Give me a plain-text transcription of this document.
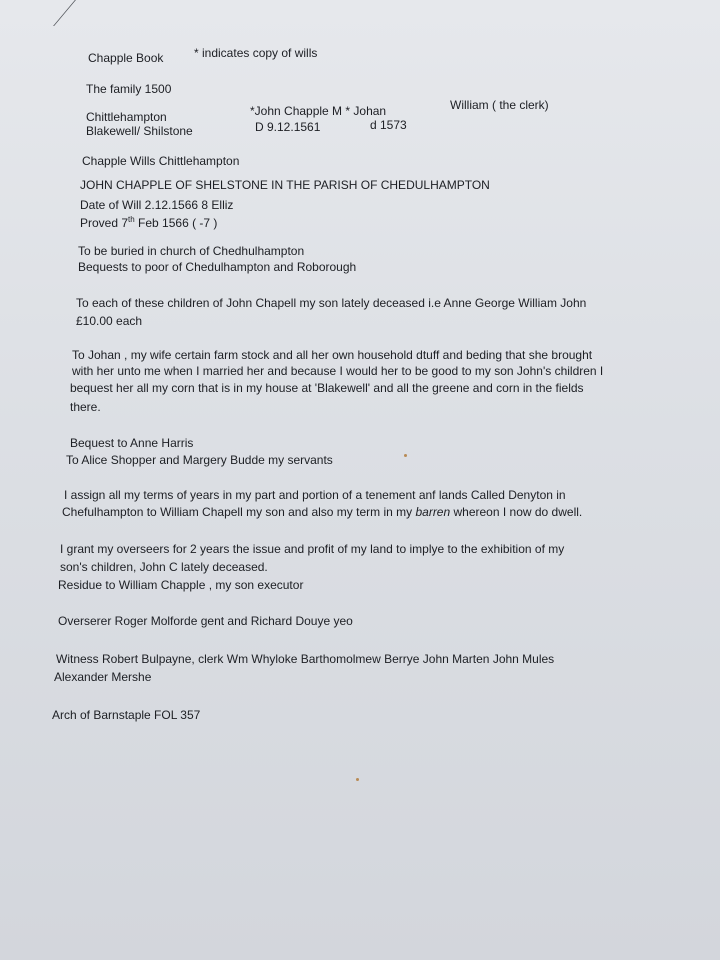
Chapple Book	* indicates copy of wills
The family 1500
Chittlehampton
Blakewell/ Shilstone
*John Chapple M * Johan
D 9.12.1561	d 1573
William ( the clerk)
Chapple Wills Chittlehampton
JOHN CHAPPLE OF SHELSTONE IN THE PARISH OF CHEDULHAMPTON
Date of Will 2.12.1566 8 Elliz
Proved 7th Feb 1566 ( -7 )
To be buried in church of Chedhulhampton
Bequests to poor of Chedulhampton and Roborough
To each of these children of John Chapell my son lately deceased i.e Anne George William John
£10.00 each
To Johan , my wife certain farm stock and all her own household dtuff and beding that she brought
with her unto me when I married her and because I would her to be good to my son John's children I
bequest her all my corn that is in my house at 'Blakewell' and all the greene and corn in the fields
there.
Bequest to Anne Harris
To Alice Shopper and Margery Budde my servants
I assign all my terms of years in my part and portion of a tenement anf lands Called Denyton in
Chefulhampton to William Chapell my son and also my term in my barren whereon I now do dwell.
I grant my overseers for 2 years the issue and profit of my land to implye to the exhibition of my
son's children, John C lately deceased.
Residue to William Chapple , my son executor
Overserer Roger Molforde gent and Richard Douye yeo
Witness Robert Bulpayne, clerk Wm Whyloke Barthomolmew Berrye John Marten John Mules
Alexander Mershe
Arch of Barnstaple FOL 357
